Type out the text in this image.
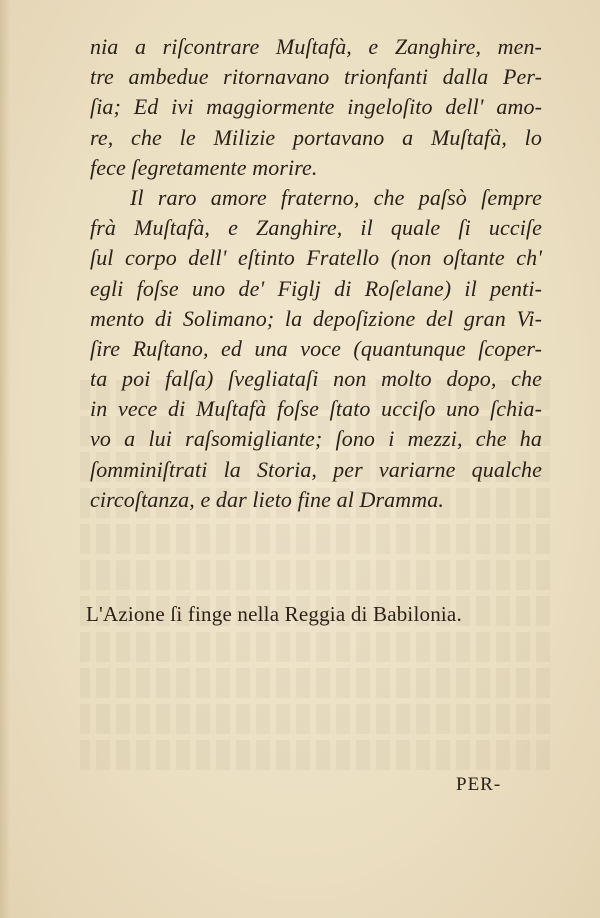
nia a riſcontrare Muſtafà, e Zanghire, men-
tre ambedue ritornavano trionfanti dalla Per-
ſia; Ed ivi maggiormente ingeloſito dell' amo-
re, che le Milizie portavano a Muſtafà, lo
fece ſegretamente morire.
Il raro amore fraterno, che paſsò ſempre
frà Muſtafà, e Zanghire, il quale ſi ucciſe
ſul corpo dell' eſtinto Fratello (non oſtante ch'
egli foſse uno de' Figlj di Roſelane) il penti-
mento di Solimano; la depoſizione del gran Vi-
ſire Ruſtano, ed una voce (quantunque ſcoper-
ta poi falſa) ſvegliataſi non molto dopo, che
in vece di Muſtafà foſse ſtato ucciſo uno ſchia-
vo a lui raſsomigliante; ſono i mezzi, che ha
ſomminiſtrati la Storia, per variarne qualche
circoſtanza, e dar lieto fine al Dramma.
L'Azione ſi finge nella Reggia di Babilonia.
PER-
